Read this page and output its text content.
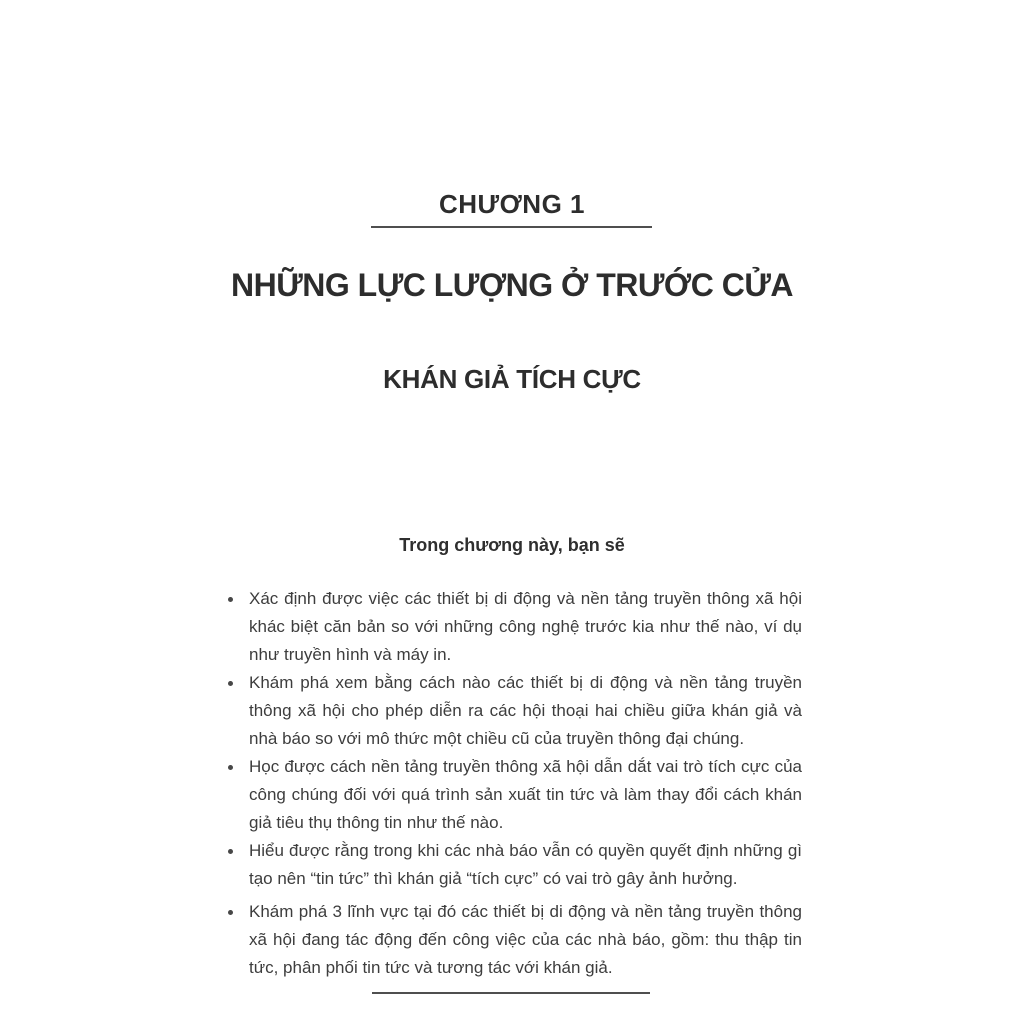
CHƯƠNG 1
NHỮNG LỰC LƯỢNG Ở TRƯỚC CỬA
KHÁN GIẢ TÍCH CỰC

Trong chương này, bạn sẽ

Xác định được việc các thiết bị di động và nền tảng truyền thông xã hội khác biệt căn bản so với những công nghệ trước kia như thế nào, ví dụ như truyền hình và máy in.
Khám phá xem bằng cách nào các thiết bị di động và nền tảng truyền thông xã hội cho phép diễn ra các hội thoại hai chiều giữa khán giả và nhà báo so với mô thức một chiều cũ của truyền thông đại chúng.
Học được cách nền tảng truyền thông xã hội dẫn dắt vai trò tích cực của công chúng đối với quá trình sản xuất tin tức và làm thay đổi cách khán giả tiêu thụ thông tin như thế nào.
Hiểu được rằng trong khi các nhà báo vẫn có quyền quyết định những gì tạo nên “tin tức” thì khán giả “tích cực” có vai trò gây ảnh hưởng.
Khám phá 3 lĩnh vực tại đó các thiết bị di động và nền tảng truyền thông xã hội đang tác động đến công việc của các nhà báo, gồm: thu thập tin tức, phân phối tin tức và tương tác với khán giả.
